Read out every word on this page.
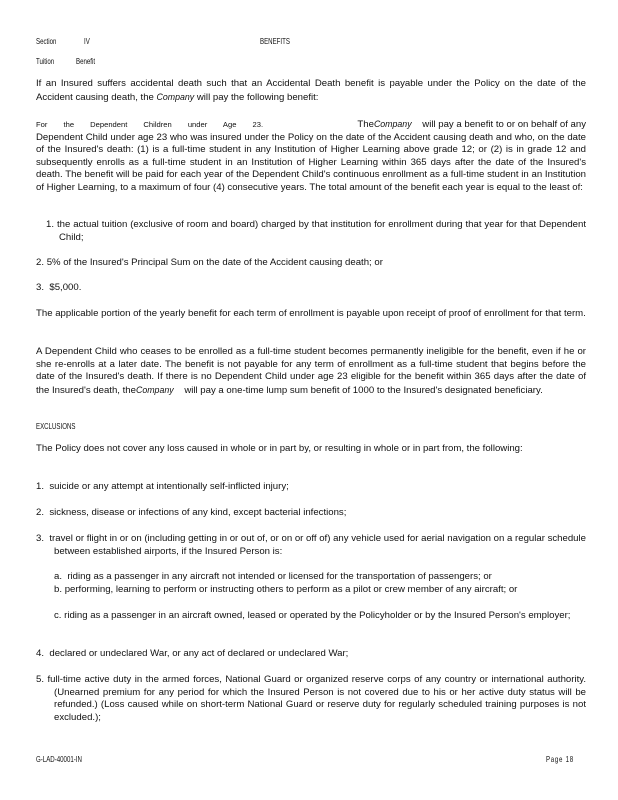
Section	IV	BENEFITS
Tuition	Benefit
If an Insured suffers accidental death such that an Accidental Death benefit is payable under the Policy on the date of the Accident causing death, the Company will pay the following benefit:
For the Dependent Children under Age 23.	TheCompany will pay a benefit to or on behalf of any
Dependent Child under age 23 who was insured under the Policy on the date of the Accident causing death and who, on the date of the Insured's death: (1) is a full-time student in any Institution of Higher Learning above grade 12; or (2) is in grade 12 and subsequently enrolls as a full-time student in an Institution of Higher Learning within 365 days after the date of the Insured's death. The benefit will be paid for each year of the Dependent Child's continuous enrollment as a full-time student in an Institution of Higher Learning, to a maximum of four (4) consecutive years. The total amount of the benefit each year is equal to the least of:
1. the actual tuition (exclusive of room and board) charged by that institution for enrollment during that year for that Dependent Child;
2. 5% of the Insured's Principal Sum on the date of the Accident causing death; or
3. $5,000.
The applicable portion of the yearly benefit for each term of enrollment is payable upon receipt of proof of enrollment for that term.
A Dependent Child who ceases to be enrolled as a full-time student becomes permanently ineligible for the benefit, even if he or she re-enrolls at a later date. The benefit is not payable for any term of enrollment as a full-time student that begins before the date of the Insured's death. If there is no Dependent Child under age 23 eligible for the benefit within 365 days after the date of the Insured's death, theCompany will pay a one-time lump sum benefit of 1000 to the Insured's designated beneficiary.
EXCLUSIONS
The Policy does not cover any loss caused in whole or in part by, or resulting in whole or in part from, the following:
1. suicide or any attempt at intentionally self-inflicted injury;
2. sickness, disease or infections of any kind, except bacterial infections;
3. travel or flight in or on (including getting in or out of, or on or off of) any vehicle used for aerial navigation on a regular schedule between established airports, if the Insured Person is:
a. riding as a passenger in any aircraft not intended or licensed for the transportation of passengers; or
b. performing, learning to perform or instructing others to perform as a pilot or crew member of any aircraft; or
c. riding as a passenger in an aircraft owned, leased or operated by the Policyholder or by the Insured Person's employer;
4. declared or undeclared War, or any act of declared or undeclared War;
5. full-time active duty in the armed forces, National Guard or organized reserve corps of any country or international authority. (Unearned premium for any period for which the Insured Person is not covered due to his or her active duty status will be refunded.) (Loss caused while on short-term National Guard or reserve duty for regularly scheduled training purposes is not excluded.);
G-LAD-40001-IN	Page 18
